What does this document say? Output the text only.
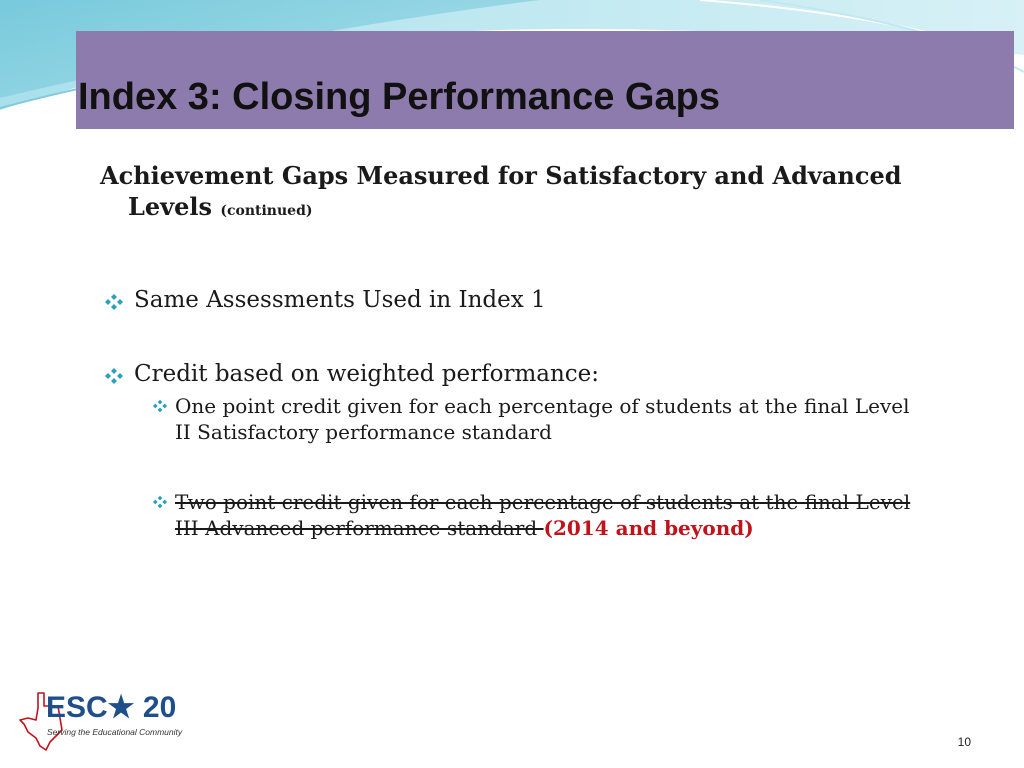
Index 3: Closing Performance Gaps

Achievement Gaps Measured for Satisfactory and Advanced Levels (continued)

Same Assessments Used in Index 1
Credit based on weighted performance:
One point credit given for each percentage of students at the final Level II Satisfactory performance standard
Two point credit given for each percentage of students at the final Level III Advanced performance standard (2014 and beyond)
ESC★ 20
Serving the Educational Community
10
